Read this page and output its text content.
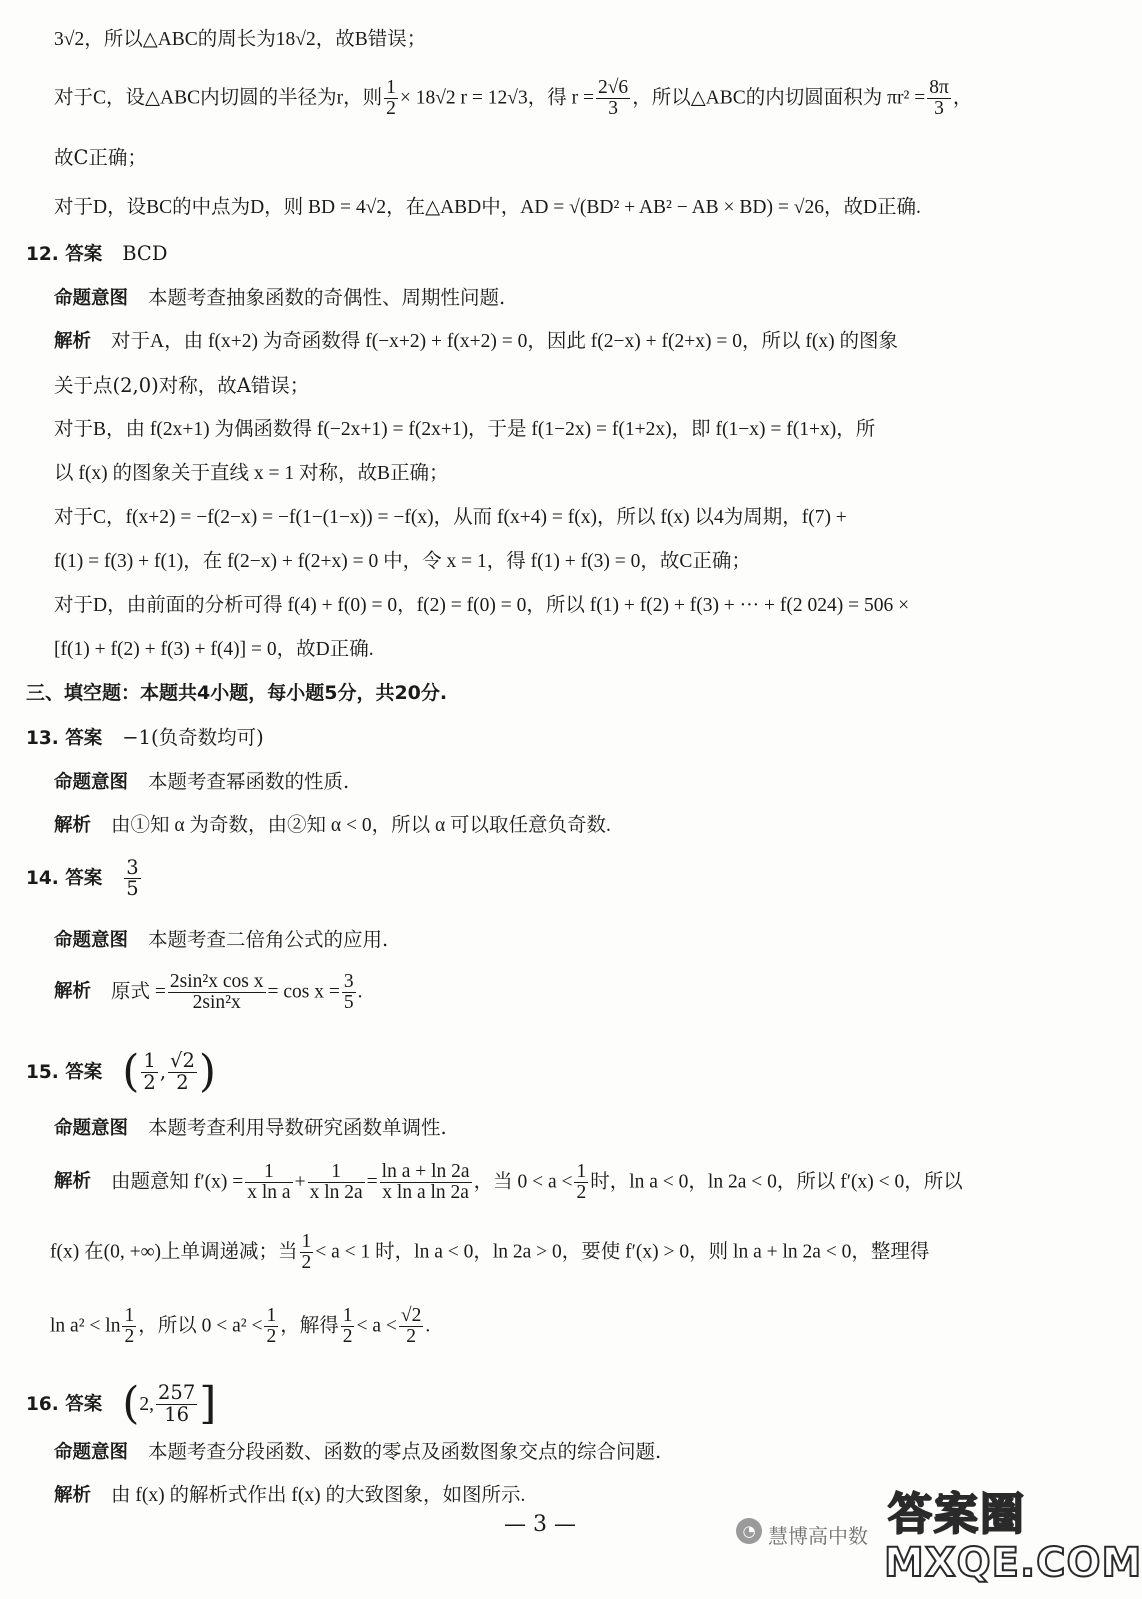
3√2，所以△ABC的周长为18√2，故B错误；
对于C，设△ABC内切圆的半径为r，则 $\frac{1}{2} \times 18√2$ r = 12√3，得 $r = \frac{2√6}{3}$ ，所以△ABC的内切圆面积为 $\pi r^2 = \frac{8\pi}{3}$ ，
故C正确；
对于D，设BC的中点为D，则 BD = 4√2，在△ABD中，AD = √(BD² + AB² − AB × BD) = √26，故D正确.
12. 答案 BCD
命题意图 本题考查抽象函数的奇偶性、周期性问题.
解析 对于A，由 f(x+2) 为奇函数得 f(−x+2) + f(x+2) = 0，因此 f(2−x) + f(2+x) = 0，所以 f(x) 的图象
关于点(2,0)对称，故A错误；
对于B，由 f(2x+1) 为偶函数得 f(−2x+1) = f(2x+1)，于是 f(1−2x) = f(1+2x)，即 f(1−x) = f(1+x)，所
以 f(x) 的图象关于直线 x = 1 对称，故B正确；
对于C，f(x+2) = −f(2−x) = −f(1−(1−x)) = −f(x)，从而 f(x+4) = f(x)，所以 f(x) 以4为周期，f(7) +
f(1) = f(3) + f(1)，在 f(2−x) + f(2+x) = 0 中，令 x = 1，得 f(1) + f(3) = 0，故C正确；
对于D，由前面的分析可得 f(4) + f(0) = 0，f(2) = f(0) = 0，所以 f(1) + f(2) + f(3) + ··· + f(2 024) = 506 ×
[f(1) + f(2) + f(3) + f(4)] = 0，故D正确.
三、填空题：本题共4小题，每小题5分，共20分.
13. 答案 −1(负奇数均可)
命题意图 本题考查幂函数的性质.
解析 由①知 α 为奇数，由②知 α < 0，所以 α 可以取任意负奇数.
14. 答案 $\frac{3}{5}$
命题意图 本题考查二倍角公式的应用.
解析 原式 = $\frac{\text{2sin²x cos x}}{\text{2sin²x}} = \cos x = \frac{3}{5}$ .
15. 答案 ( $\frac{1}{2}$ , $\frac{√2}{2}$ )
命题意图 本题考查利用导数研究函数单调性.
解析 由题意知 $f'(x) = \frac{1}{\text{x ln a}} + \frac{1}{\text{x ln 2a}} = \frac{\text{ln a + ln 2a}}{\text{x ln a ln 2a}}$ ，当 $0 < a < \frac{1}{2}$ 时，ln a < 0，ln 2a < 0，所以 f′(x) < 0，所以
f(x) 在(0, +∞)上单调递减；当 $\frac{1}{2} < a < 1$ 时，ln a < 0，ln 2a > 0，要使 f′(x) > 0，则 ln a + ln 2a < 0，整理得
$\ln a^2 < \ln \frac{1}{2}$ ，所以 $0 < a^2 < \frac{1}{2}$ ，解得 $\frac{1}{2} < a < \frac{√2}{2}$ .
16. 答案 (2, $\frac{257}{16}$ ]
命题意图 本题考查分段函数、函数的零点及函数图象交点的综合问题.
解析 由 f(x) 的解析式作出 f(x) 的大致图象，如图所示.
— 3 —	◔ 慧博高中数 答案圈
MXQE.COM
